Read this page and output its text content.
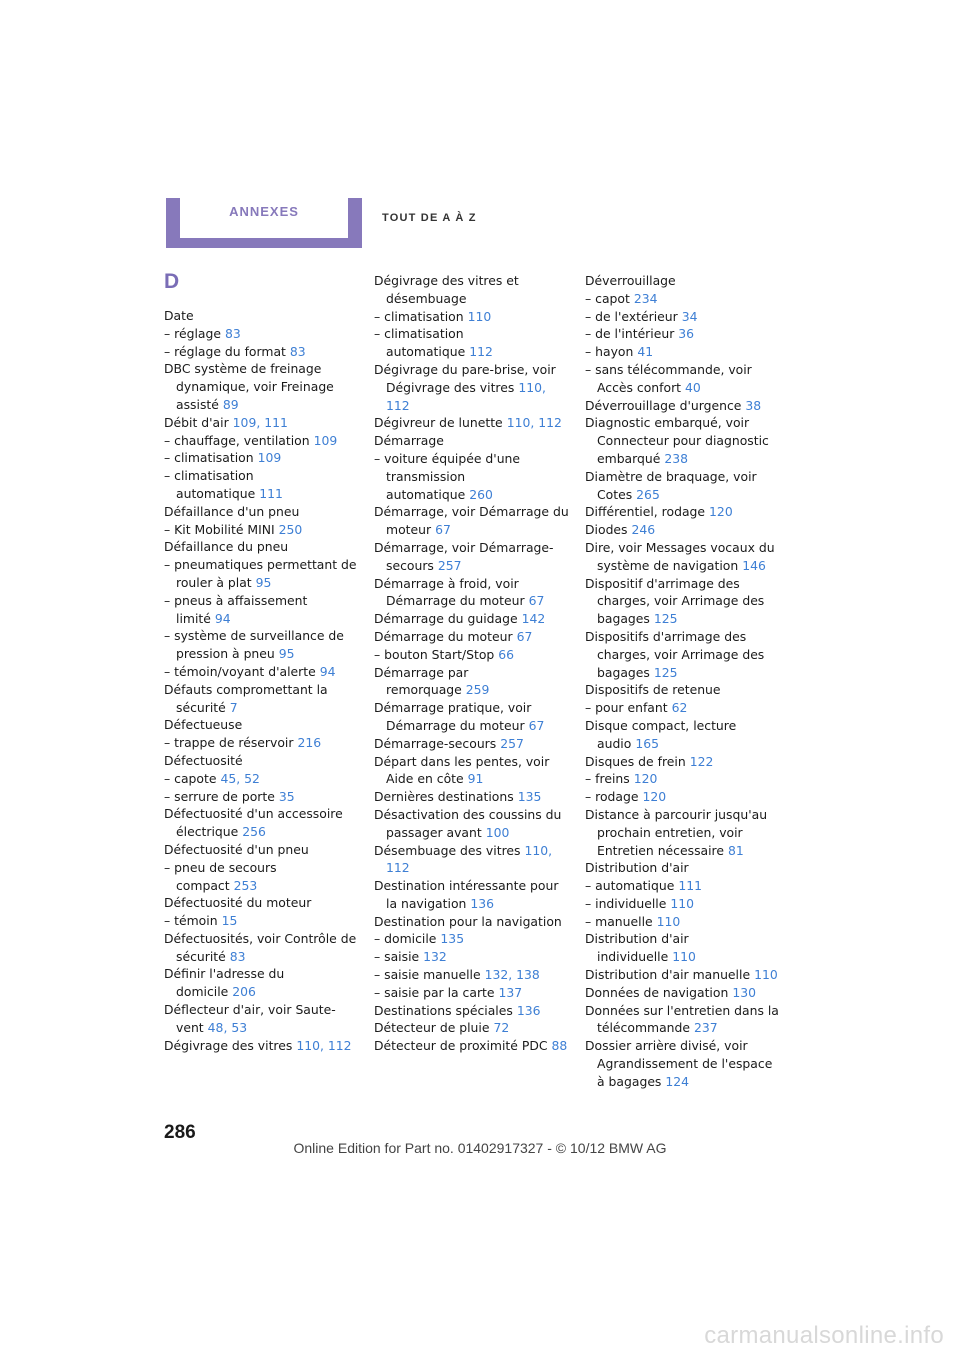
ANNEXES	TOUT DE A À Z
D

Date

– réglage 83

– réglage du format 83

DBC système de freinage dynamique, voir Freinage assisté 89

Débit d'air 109, 111

– chauffage, ventilation 109

– climatisation 109

– climatisation automatique 111

Défaillance d'un pneu

– Kit Mobilité MINI 250

Défaillance du pneu

– pneumatiques permettant de rouler à plat 95

– pneus à affaissement limité 94

– système de surveillance de pression à pneu 95

– témoin/voyant d'alerte 94

Défauts compromettant la sécurité 7

Défectueuse

– trappe de réservoir 216

Défectuosité

– capote 45, 52

– serrure de porte 35

Défectuosité d'un accessoire électrique 256

Défectuosité d'un pneu

– pneu de secours compact 253

Défectuosité du moteur

– témoin 15

Défectuosités, voir Contrôle de sécurité 83

Définir l'adresse du domicile 206

Déflecteur d'air, voir Saute-vent 48, 53

Dégivrage des vitres 110, 112

Dégivrage des vitres et désembuage

– climatisation 110

– climatisation automatique 112

Dégivrage du pare-brise, voir Dégivrage des vitres 110, 112

Dégivreur de lunette 110, 112

Démarrage

– voiture équipée d'une transmission automatique 260

Démarrage, voir Démarrage du moteur 67

Démarrage, voir Démarrage-secours 257

Démarrage à froid, voir Démarrage du moteur 67

Démarrage du guidage 142

Démarrage du moteur 67

– bouton Start/Stop 66

Démarrage par remorquage 259

Démarrage pratique, voir Démarrage du moteur 67

Démarrage-secours 257

Départ dans les pentes, voir Aide en côte 91

Dernières destinations 135

Désactivation des coussins du passager avant 100

Désembuage des vitres 110, 112

Destination intéressante pour la navigation 136

Destination pour la navigation

– domicile 135

– saisie 132

– saisie manuelle 132, 138

– saisie par la carte 137

Destinations spéciales 136

Détecteur de pluie 72

Détecteur de proximité PDC 88

Déverrouillage

– capot 234

– de l'extérieur 34

– de l'intérieur 36

– hayon 41

– sans télécommande, voir Accès confort 40

Déverrouillage d'urgence 38

Diagnostic embarqué, voir Connecteur pour diagnostic embarqué 238

Diamètre de braquage, voir Cotes 265

Différentiel, rodage 120

Diodes 246

Dire, voir Messages vocaux du système de navigation 146

Dispositif d'arrimage des charges, voir Arrimage des bagages 125

Dispositifs d'arrimage des charges, voir Arrimage des bagages 125

Dispositifs de retenue

– pour enfant 62

Disque compact, lecture audio 165

Disques de frein 122

– freins 120

– rodage 120

Distance à parcourir jusqu'au prochain entretien, voir Entretien nécessaire 81

Distribution d'air

– automatique 111

– individuelle 110

– manuelle 110

Distribution d'air individuelle 110

Distribution d'air manuelle 110

Données de navigation 130

Données sur l'entretien dans la télécommande 237

Dossier arrière divisé, voir Agrandissement de l'espace à bagages 124

286
Online Edition for Part no. 01402917327 - © 10/12 BMW AG
carmanualsonline.info
